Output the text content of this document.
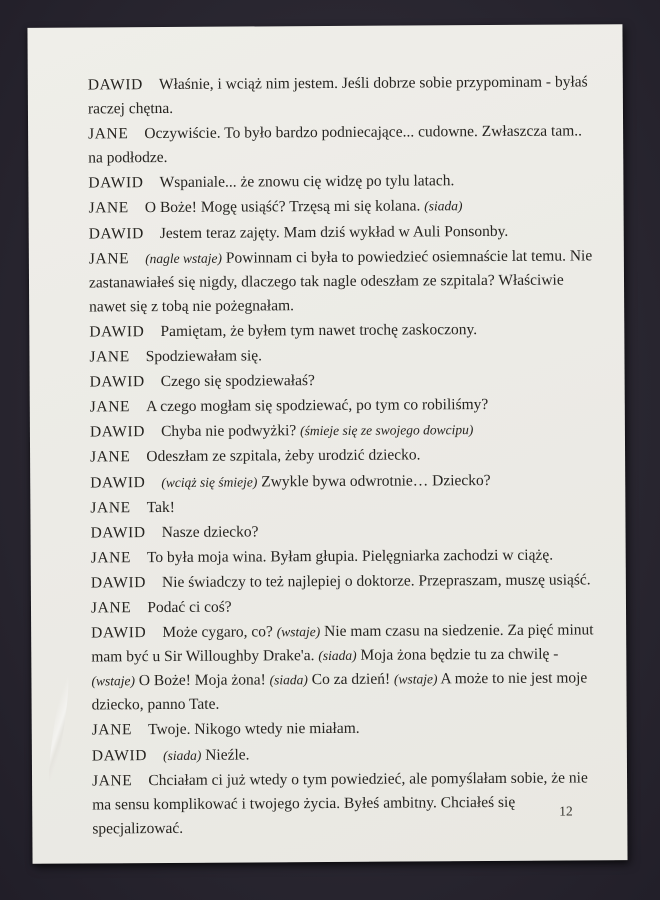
DAWID Właśnie, i wciąż nim jestem. Jeśli dobrze sobie przypominam - byłaś raczej chętna.

JANE Oczywiście. To było bardzo podniecające... cudowne. Zwłaszcza tam.. na podłodze.

DAWID Wspaniale... że znowu cię widzę po tylu latach.

JANE O Boże! Mogę usiąść? Trzęsą mi się kolana. (siada)

DAWID Jestem teraz zajęty. Mam dziś wykład w Auli Ponsonby.

JANE (nagle wstaje) Powinnam ci była to powiedzieć osiemnaście lat temu. Nie zastanawiałeś się nigdy, dlaczego tak nagle odeszłam ze szpitala? Właściwie nawet się z tobą nie pożegnałam.

DAWID Pamiętam, że byłem tym nawet trochę zaskoczony.

JANE Spodziewałam się.

DAWID Czego się spodziewałaś?

JANE A czego mogłam się spodziewać, po tym co robiliśmy?

DAWID Chyba nie podwyżki? (śmieje się ze swojego dowcipu)

JANE Odeszłam ze szpitala, żeby urodzić dziecko.

DAWID (wciąż się śmieje) Zwykle bywa odwrotnie… Dziecko?

JANE Tak!

DAWID Nasze dziecko?

JANE To była moja wina. Byłam głupia. Pielęgniarka zachodzi w ciążę.

DAWID Nie świadczy to też najlepiej o doktorze. Przepraszam, muszę usiąść.

JANE Podać ci coś?

DAWID Może cygaro, co? (wstaje) Nie mam czasu na siedzenie. Za pięć minut mam być u Sir Willoughby Drake'a. (siada) Moja żona będzie tu za chwilę - (wstaje) O Boże! Moja żona! (siada) Co za dzień! (wstaje) A może to nie jest moje dziecko, panno Tate.

JANE Twoje. Nikogo wtedy nie miałam.

DAWID (siada) Nieźle.

JANE Chciałam ci już wtedy o tym powiedzieć, ale pomyślałam sobie, że nie ma sensu komplikować i twojego życia. Byłeś ambitny. Chciałeś się specjalizować.

12
